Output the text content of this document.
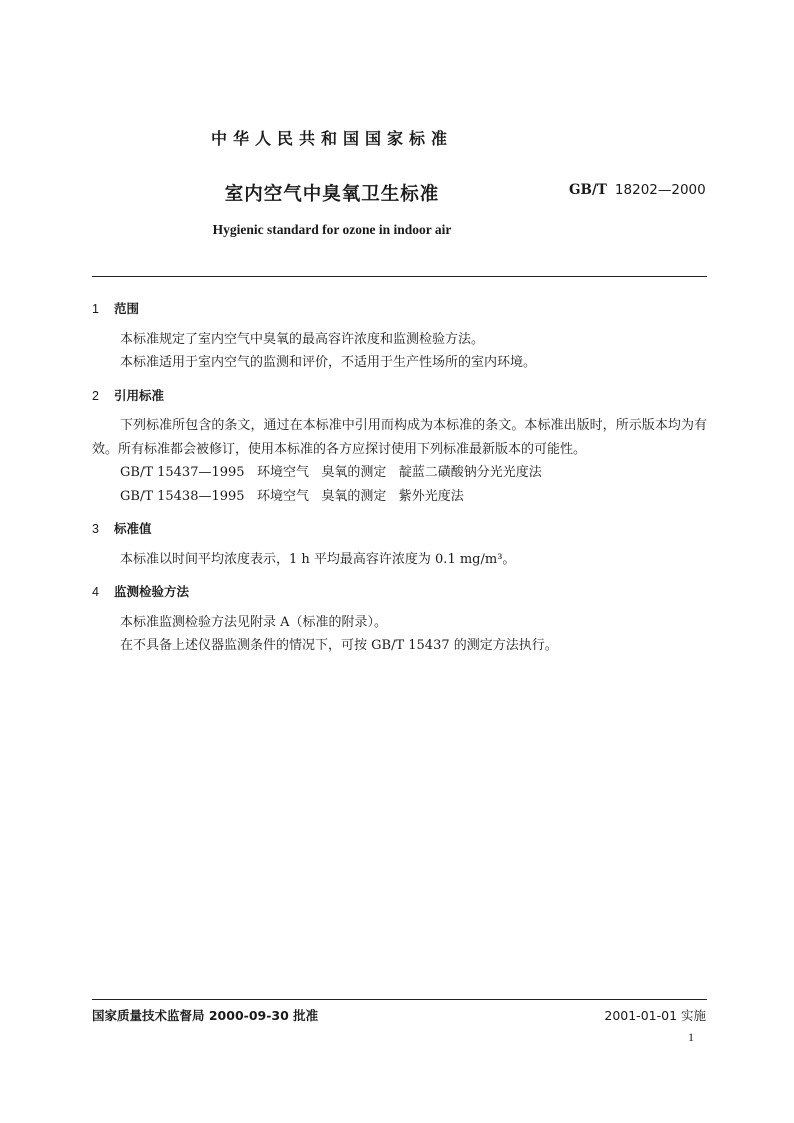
中华人民共和国国家标准
室内空气中臭氧卫生标准	GB/T 18202—2000
Hygienic standard for ozone in indoor air
1 范围

本标准规定了室内空气中臭氧的最高容许浓度和监测检验方法。

本标准适用于室内空气的监测和评价，不适用于生产性场所的室内环境。

2 引用标准

下列标准所包含的条文，通过在本标准中引用而构成为本标准的条文。本标准出版时，所示版本均为有效。所有标准都会被修订，使用本标准的各方应探讨使用下列标准最新版本的可能性。

GB/T 15437—1995   环境空气   臭氧的测定   靛蓝二磺酸钠分光光度法

GB/T 15438—1995   环境空气   臭氧的测定   紫外光度法

3 标准值

本标准以时间平均浓度表示，1 h 平均最高容许浓度为 0.1 mg/m³。

4 监测检验方法

本标准监测检验方法见附录 A（标准的附录）。

在不具备上述仪器监测条件的情况下，可按 GB/T 15437 的测定方法执行。

国家质量技术监督局 2000-09-30 批准	2001-01-01 实施
1
